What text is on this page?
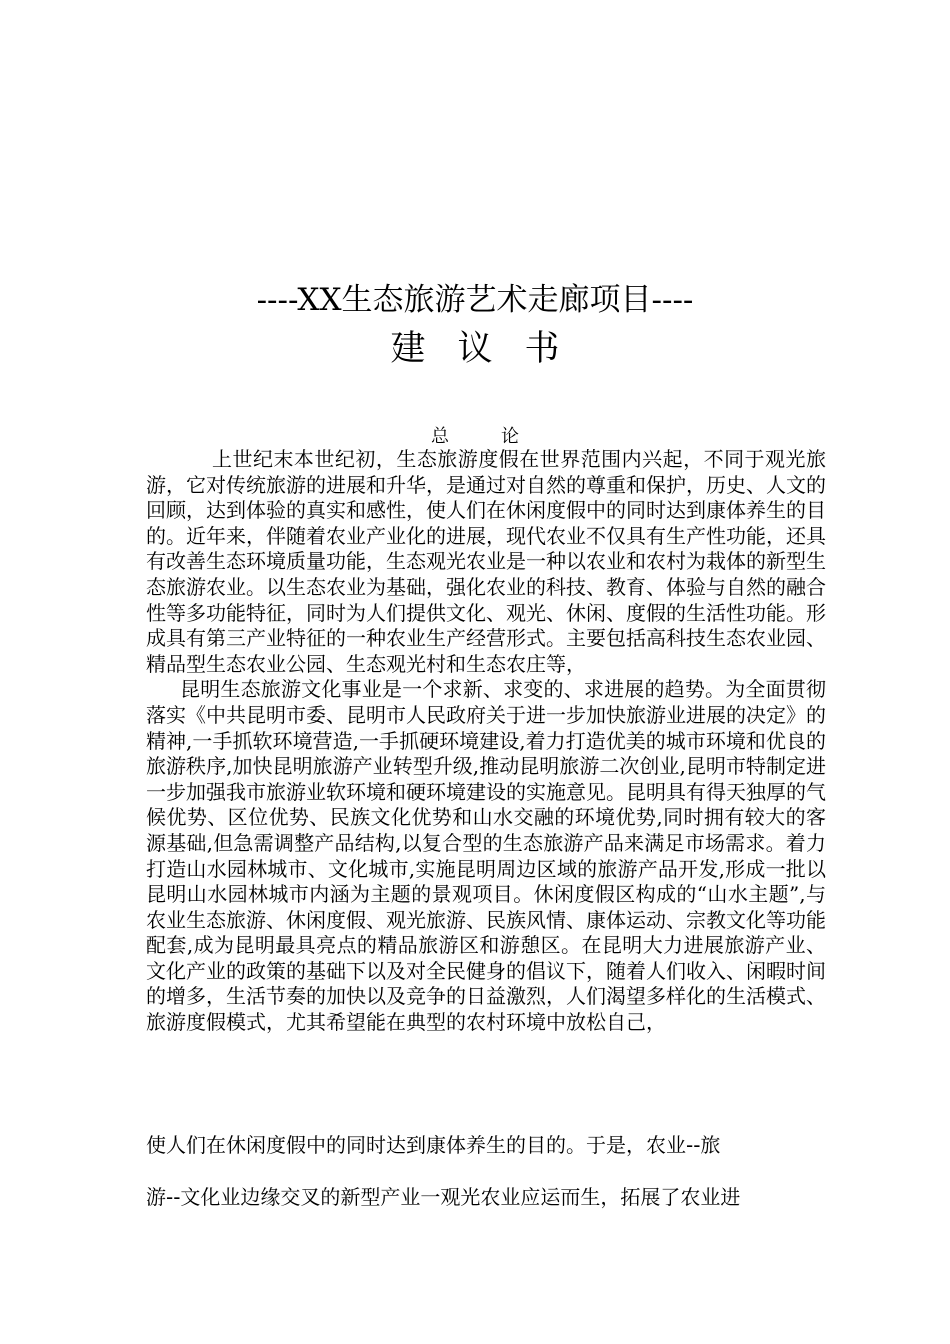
----XX生态旅游艺术走廊项目----
建 议 书
总	论

上世纪末本世纪初，生态旅游度假在世界范围内兴起，不同于观光旅游，它对传统旅游的进展和升华，是通过对自然的尊重和保护，历史、人文的回顾，达到体验的真实和感性，使人们在休闲度假中的同时达到康体养生的目的。近年来，伴随着农业产业化的进展，现代农业不仅具有生产性功能，还具有改善生态环境质量功能，生态观光农业是一种以农业和农村为栽体的新型生态旅游农业。以生态农业为基础，强化农业的科技、教育、体验与自然的融合性等多功能特征，同时为人们提供文化、观光、休闲、度假的生活性功能。形成具有第三产业特征的一种农业生产经营形式。主要包括高科技生态农业园、精品型生态农业公园、生态观光村和生态农庄等，

昆明生态旅游文化事业是一个求新、求变的、求进展的趋势。为全面贯彻落实《中共昆明市委、昆明市人民政府关于进一步加快旅游业进展的决定》的精神,一手抓软环境营造,一手抓硬环境建设,着力打造优美的城市环境和优良的旅游秩序,加快昆明旅游产业转型升级,推动昆明旅游二次创业,昆明市特制定进一步加强我市旅游业软环境和硬环境建设的实施意见。昆明具有得天独厚的气候优势、区位优势、民族文化优势和山水交融的环境优势,同时拥有较大的客源基础,但急需调整产品结构,以复合型的生态旅游产品来满足市场需求。着力打造山水园林城市、文化城市,实施昆明周边区域的旅游产品开发,形成一批以昆明山水园林城市内涵为主题的景观项目。休闲度假区构成的“山水主题”,与农业生态旅游、休闲度假、观光旅游、民族风情、康体运动、宗教文化等功能配套,成为昆明最具亮点的精品旅游区和游憩区。在昆明大力进展旅游产业、文化产业的政策的基础下以及对全民健身的倡议下，随着人们收入、闲暇时间的增多，生活节奏的加快以及竞争的日益激烈，人们渴望多样化的生活模式、旅游度假模式，尤其希望能在典型的农村环境中放松自己，

使人们在休闲度假中的同时达到康体养生的目的。于是，农业--旅
游--文化业边缘交叉的新型产业一观光农业应运而生，拓展了农业进
